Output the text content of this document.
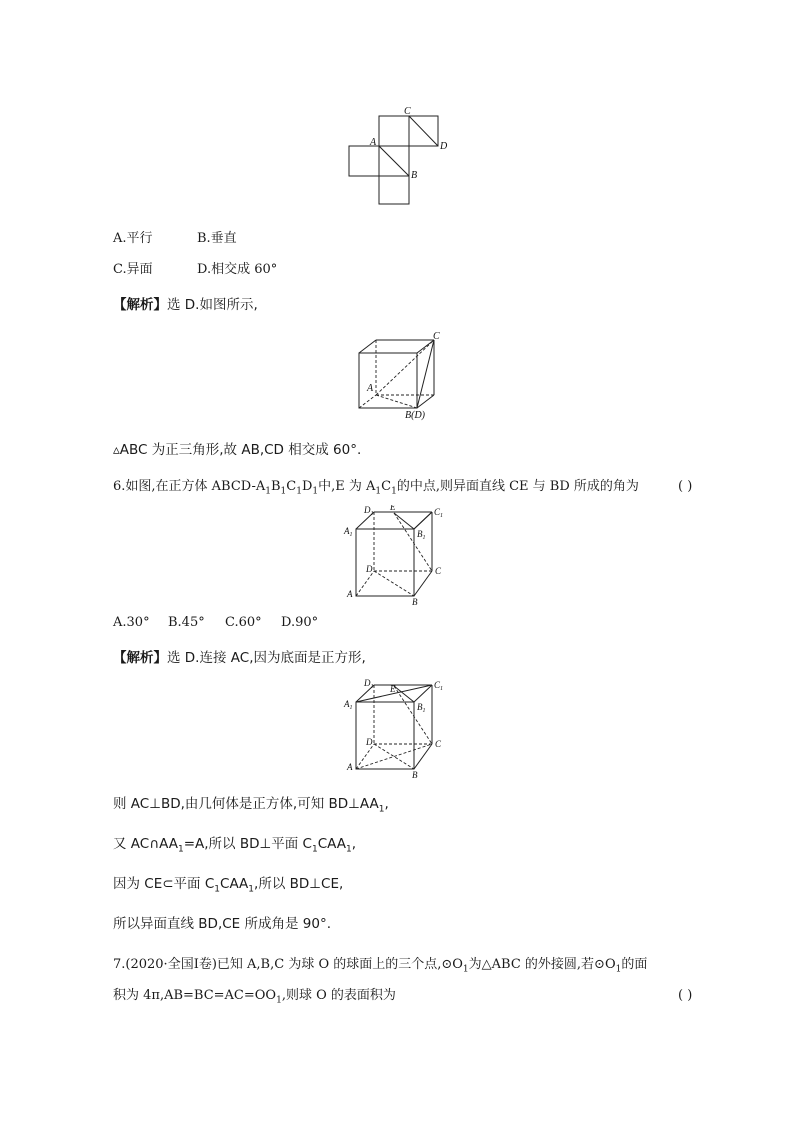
C
A	D
B
A.平行	B.垂直
C.异面	D.相交成 60°
【解析】选 D.如图所示,
C
A
B(D)
▵ABC 为正三角形,故 AB,CD 相交成 60°.
6.如图,在正方体 ABCD-$A_1B_1C_1D_1$中,E 为 $A_1C_1$的中点,则异面直线 CE 与 BD 所成的角为	( )
$D_1$
E	$C_1$
$A_1$	$B_1$
D	C
A
B
A.30° B.45° C.60° D.90°
【解析】选 D.连接 AC,因为底面是正方形,
$D_1$ E	$C_1$
$A_1$	$B_1$
D	C
A
B
则 AC⊥BD,由几何体是正方体,可知 $BD\perp AA_1$,
又 $AC\cap AA_1=A$,所以 BD⊥平面 $C_1CAA_1$,
因为 CE⊂平面 $C_1CAA_1$,所以 BD⊥CE,
所以异面直线 BD,CE 所成角是 90°.
7.(2020·全国Ⅰ卷)已知 A,B,C 为球 O 的球面上的三个点$,⊙O_1$为△ABC 的外接圆,若$⊙O_1$的面
积为 $4\pi,AB=BC=AC=OO_1$,则球 O 的表面积为	( )
